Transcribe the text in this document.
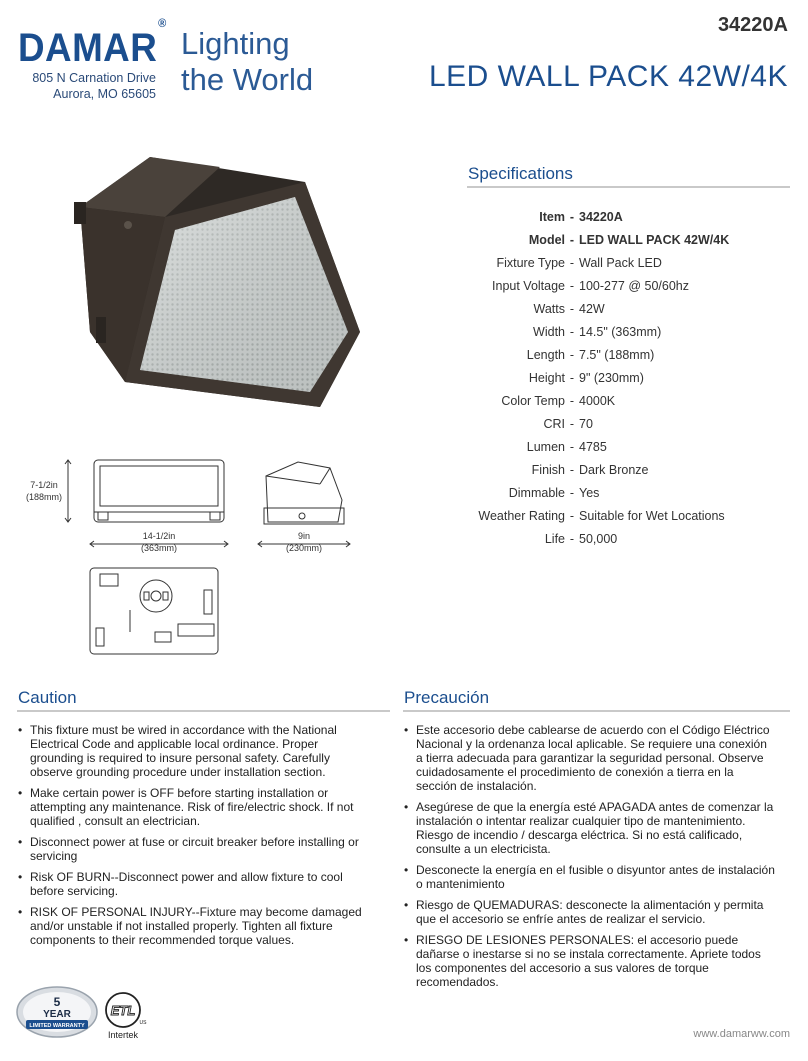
DAMAR®
805 N Carnation Drive
Aurora, MO 65605
Lighting
the World
34220A
LED WALL PACK 42W/4K
Specifications
Item - 34220A
Model - LED WALL PACK 42W/4K
Fixture Type - Wall Pack LED
Input Voltage - 100-277 @ 50/60hz
Watts - 42W
Width - 14.5" (363mm)
Length - 7.5" (188mm)
Height - 9" (230mm)
Color Temp - 4000K
CRI - 70
Lumen - 4785
Finish - Dark Bronze
Dimmable - Yes
Weather Rating - Suitable for Wet Locations
Life - 50,000
7-1/2in
(188mm)
14-1/2in
(363mm)
9in
(230mm)
Caution
• This fixture must be wired in accordance with the National Electrical Code and applicable local ordinance. Proper grounding is required to insure personal safety. Carefully observe grounding procedure under installation section.
• Make certain power is OFF before starting installation or attempting any maintenance. Risk of fire/electric shock. If not qualified , consult an electrician.
• Disconnect power at fuse or circuit breaker before installing or servicing
• Risk OF BURN--Disconnect power and allow fixture to cool before servicing.
• RISK OF PERSONAL INJURY--Fixture may become damaged and/or unstable if not installed properly. Tighten all fixture components to their recommended torque values.
Precaución
• Este accesorio debe cablearse de acuerdo con el Código Eléctrico Nacional y la ordenanza local aplicable. Se requiere una conexión a tierra adecuada para garantizar la seguridad personal. Observe cuidadosamente el procedimiento de conexión a tierra en la sección de instalación.
• Asegúrese de que la energía esté APAGADA antes de comenzar la instalación o intentar realizar cualquier tipo de mantenimiento. Riesgo de incendio / descarga eléctrica. Si no está calificado, consulte a un electricista.
• Desconecte la energía en el fusible o disyuntor antes de instalación o mantenimiento
• Riesgo de QUEMADURAS: desconecte la alimentación y permita que el accesorio se enfríe antes de realizar el servicio.
• RIESGO DE LESIONES PERSONALES: el accesorio puede dañarse o inestarse si no se instala correctamente. Apriete todos los componentes del accesorio a sus valores de torque recomendados.
5
YEAR
LIMITED WARRANTY
ETL
US
Intertek	www.damarww.com
